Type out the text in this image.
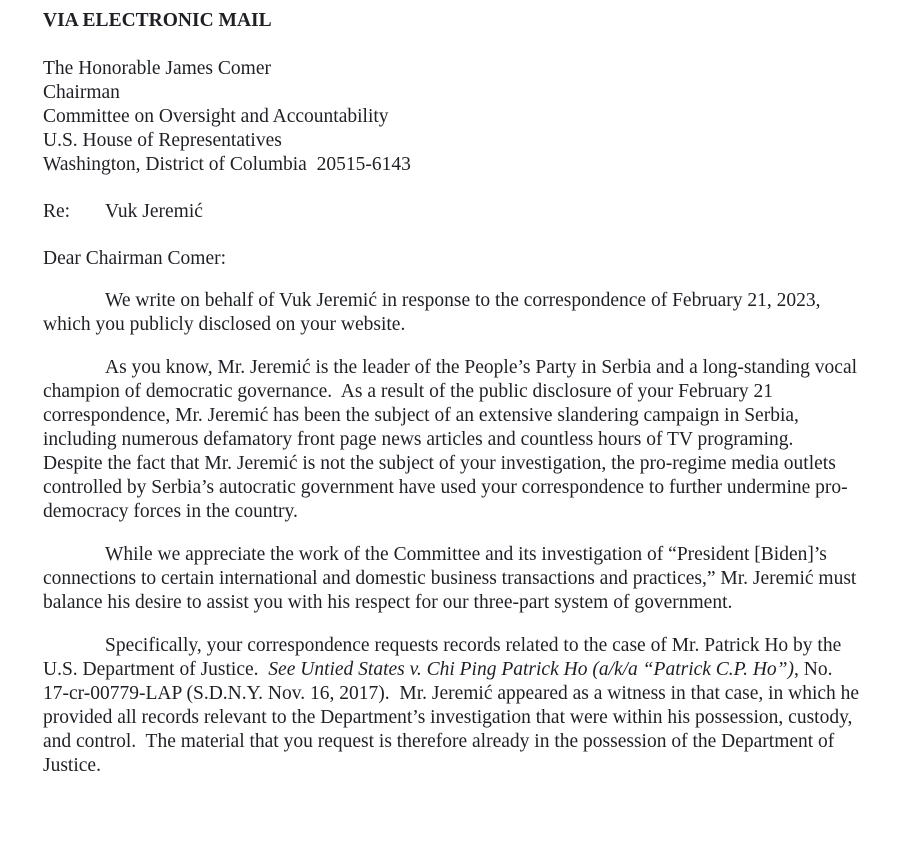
VIA ELECTRONIC MAIL
The Honorable James Comer
Chairman
Committee on Oversight and Accountability
U.S. House of Representatives
Washington, District of Columbia  20515-6143
Re:	Vuk Jeremić
Dear Chairman Comer:

We write on behalf of Vuk Jeremić in response to the correspondence of February 21, 2023, which you publicly disclosed on your website.

As you know, Mr. Jeremić is the leader of the People’s Party in Serbia and a long-standing vocal champion of democratic governance.  As a result of the public disclosure of your February 21 correspondence, Mr. Jeremić has been the subject of an extensive slandering campaign in Serbia, including numerous defamatory front page news articles and countless hours of TV programing.  Despite the fact that Mr. Jeremić is not the subject of your investigation, the pro-regime media outlets controlled by Serbia’s autocratic government have used your correspondence to further undermine pro-democracy forces in the country.

While we appreciate the work of the Committee and its investigation of “President [Biden]’s connections to certain international and domestic business transactions and practices,” Mr. Jeremić must balance his desire to assist you with his respect for our three-part system of government.

Specifically, your correspondence requests records related to the case of Mr. Patrick Ho by the U.S. Department of Justice.  See Untied States v. Chi Ping Patrick Ho (a/k/a “Patrick C.P. Ho”), No. 17-cr-00779-LAP (S.D.N.Y. Nov. 16, 2017).  Mr. Jeremić appeared as a witness in that case, in which he provided all records relevant to the Department’s investigation that were within his possession, custody, and control.  The material that you request is therefore already in the possession of the Department of Justice.
